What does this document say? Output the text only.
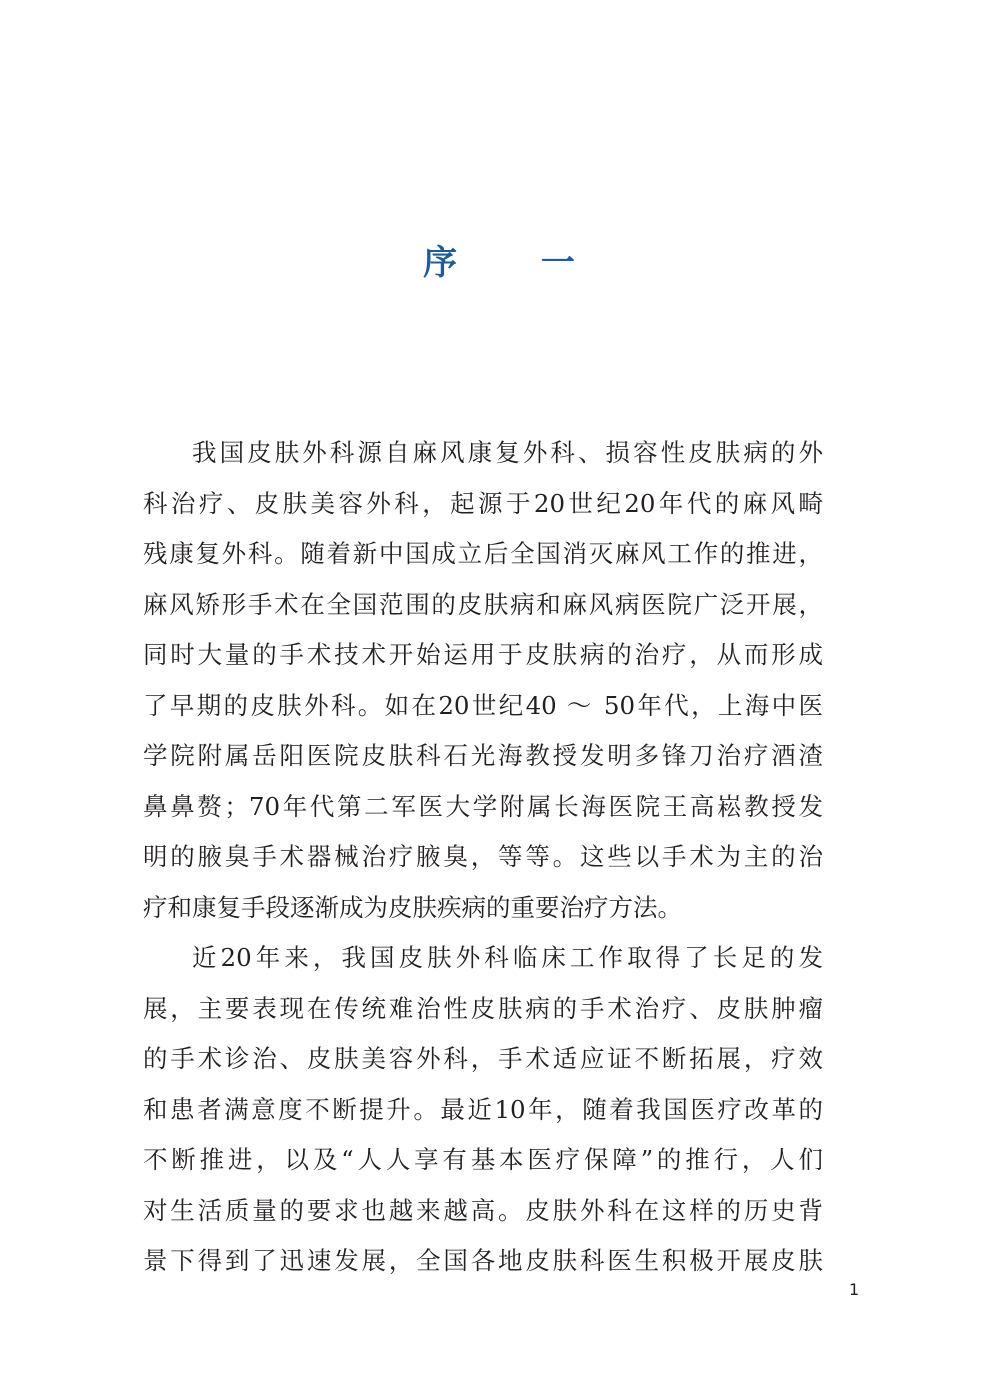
序 一
我国皮肤外科源自麻风康复外科、损容性皮肤病的外
科治疗、皮肤美容外科，起源于20世纪20年代的麻风畸
残康复外科。随着新中国成立后全国消灭麻风工作的推进，
麻风矫形手术在全国范围的皮肤病和麻风病医院广泛开展，
同时大量的手术技术开始运用于皮肤病的治疗，从而形成
了早期的皮肤外科。如在20世纪40 ～ 50年代，上海中医
学院附属岳阳医院皮肤科石光海教授发明多锋刀治疗酒渣
鼻鼻赘；70年代第二军医大学附属长海医院王高崧教授发
明的腋臭手术器械治疗腋臭，等等。这些以手术为主的治
疗和康复手段逐渐成为皮肤疾病的重要治疗方法。
近20年来，我国皮肤外科临床工作取得了长足的发
展，主要表现在传统难治性皮肤病的手术治疗、皮肤肿瘤
的手术诊治、皮肤美容外科，手术适应证不断拓展，疗效
和患者满意度不断提升。最近10年，随着我国医疗改革的
不断推进，以及“人人享有基本医疗保障”的推行，人们
对生活质量的要求也越来越高。皮肤外科在这样的历史背
景下得到了迅速发展，全国各地皮肤科医生积极开展皮肤
1
